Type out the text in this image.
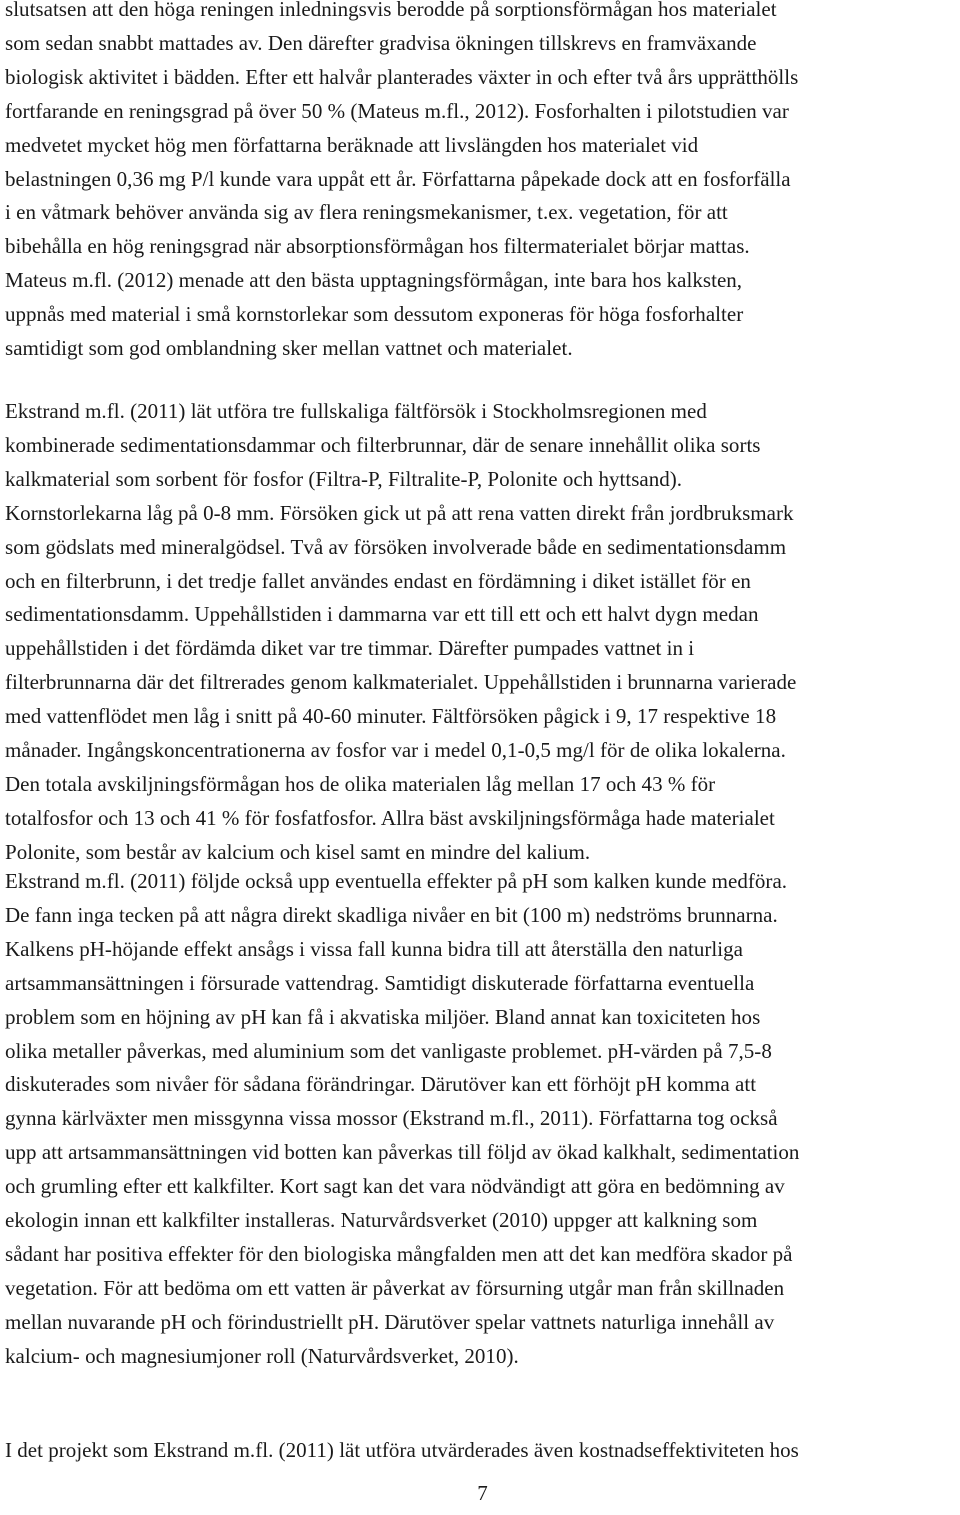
slutsatsen att den höga reningen inledningsvis berodde på sorptionsförmågan hos materialet
som sedan snabbt mattades av. Den därefter gradvisa ökningen tillskrevs en framväxande
biologisk aktivitet i bädden. Efter ett halvår planterades växter in och efter två års upprätthölls
fortfarande en reningsgrad på över 50 % (Mateus m.fl., 2012). Fosforhalten i pilotstudien var
medvetet mycket hög men författarna beräknade att livslängden hos materialet vid
belastningen 0,36 mg P/l kunde vara uppåt ett år. Författarna påpekade dock att en fosforfälla
i en våtmark behöver använda sig av flera reningsmekanismer, t.ex. vegetation, för att
bibehålla en hög reningsgrad när absorptionsförmågan hos filtermaterialet börjar mattas.
Mateus m.fl. (2012) menade att den bästa upptagningsförmågan, inte bara hos kalksten,
uppnås med material i små kornstorlekar som dessutom exponeras för höga fosforhalter
samtidigt som god omblandning sker mellan vattnet och materialet.

Ekstrand m.fl. (2011) lät utföra tre fullskaliga fältförsök i Stockholmsregionen med
kombinerade sedimentationsdammar och filterbrunnar, där de senare innehållit olika sorts
kalkmaterial som sorbent för fosfor (Filtra-P, Filtralite-P, Polonite och hyttsand).
Kornstorlekarna låg på 0-8 mm. Försöken gick ut på att rena vatten direkt från jordbruksmark
som gödslats med mineralgödsel. Två av försöken involverade både en sedimentationsdamm
och en filterbrunn, i det tredje fallet användes endast en fördämning i diket istället för en
sedimentationsdamm. Uppehållstiden i dammarna var ett till ett och ett halvt dygn medan
uppehållstiden i det fördämda diket var tre timmar. Därefter pumpades vattnet in i
filterbrunnarna där det filtrerades genom kalkmaterialet. Uppehållstiden i brunnarna varierade
med vattenflödet men låg i snitt på 40-60 minuter. Fältförsöken pågick i 9, 17 respektive 18
månader. Ingångskoncentrationerna av fosfor var i medel 0,1-0,5 mg/l för de olika lokalerna.
Den totala avskiljningsförmågan hos de olika materialen låg mellan 17 och 43 % för
totalfosfor och 13 och 41 % för fosfatfosfor. Allra bäst avskiljningsförmåga hade materialet
Polonite, som består av kalcium och kisel samt en mindre del kalium.

Ekstrand m.fl. (2011) följde också upp eventuella effekter på pH som kalken kunde medföra.
De fann inga tecken på att några direkt skadliga nivåer en bit (100 m) nedströms brunnarna.
Kalkens pH-höjande effekt ansågs i vissa fall kunna bidra till att återställa den naturliga
artsammansättningen i försurade vattendrag. Samtidigt diskuterade författarna eventuella
problem som en höjning av pH kan få i akvatiska miljöer. Bland annat kan toxiciteten hos
olika metaller påverkas, med aluminium som det vanligaste problemet. pH-värden på 7,5-8
diskuterades som nivåer för sådana förändringar. Därutöver kan ett förhöjt pH komma att
gynna kärlväxter men missgynna vissa mossor (Ekstrand m.fl., 2011). Författarna tog också
upp att artsammansättningen vid botten kan påverkas till följd av ökad kalkhalt, sedimentation
och grumling efter ett kalkfilter. Kort sagt kan det vara nödvändigt att göra en bedömning av
ekologin innan ett kalkfilter installeras. Naturvårdsverket (2010) uppger att kalkning som
sådant har positiva effekter för den biologiska mångfalden men att det kan medföra skador på
vegetation. För att bedöma om ett vatten är påverkat av försurning utgår man från skillnaden
mellan nuvarande pH och förindustriellt pH. Därutöver spelar vattnets naturliga innehåll av
kalcium- och magnesiumjoner roll (Naturvårdsverket, 2010).

I det projekt som Ekstrand m.fl. (2011) lät utföra utvärderades även kostnadseffektiviteten hos

7
